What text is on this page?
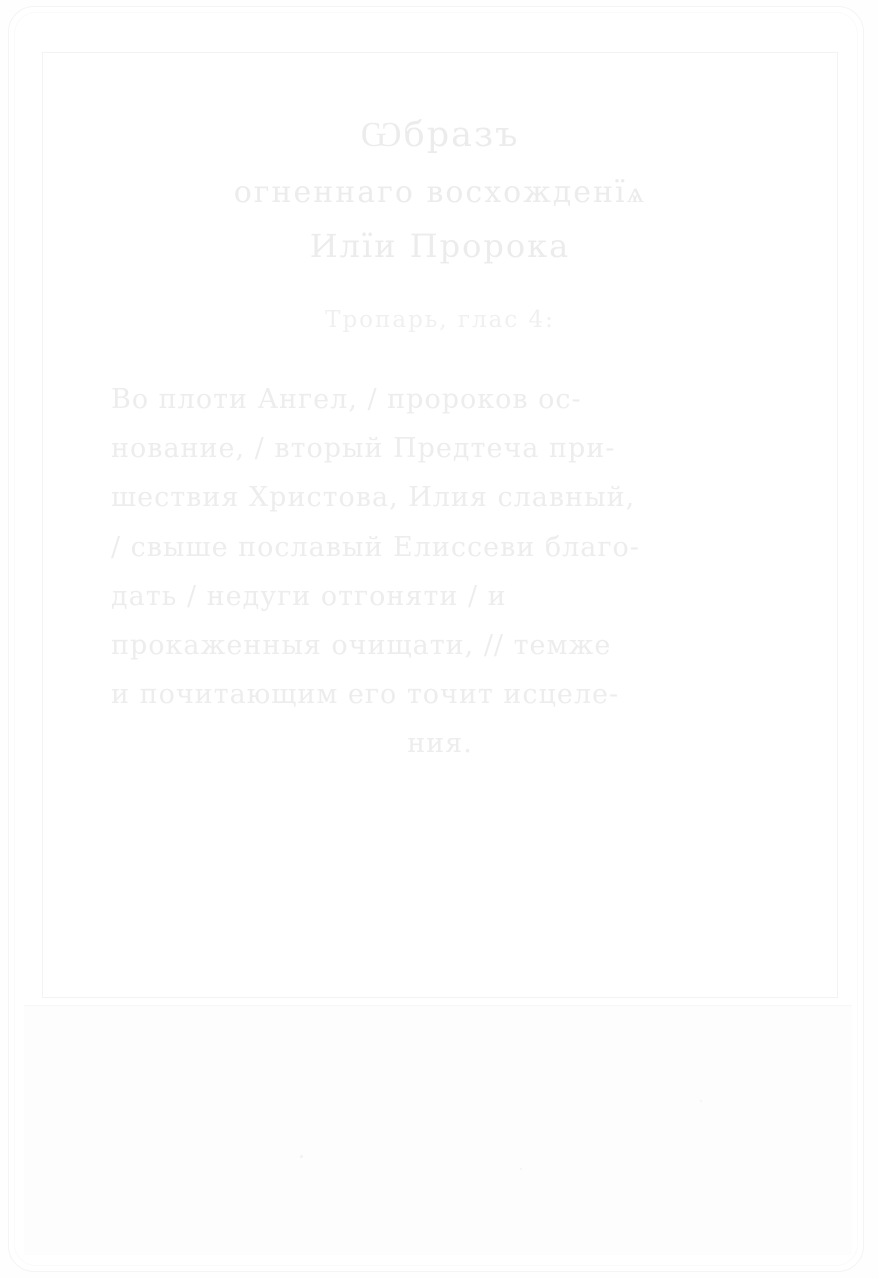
Ѡбразъ
огненнаго восхожденїѧ
Илїи Пророка
Тропарь, глас 4:
Во плоти Ангел, / пророков ос-
нование, / вторый Предтеча при-
шествия Христова, Илия славный,
/ свыше пославый Елиссеви благо-
дать / недуги отгоняти / и
прокаженныя очищати, // темже
и почитающим его точит исцеле-
ния.
